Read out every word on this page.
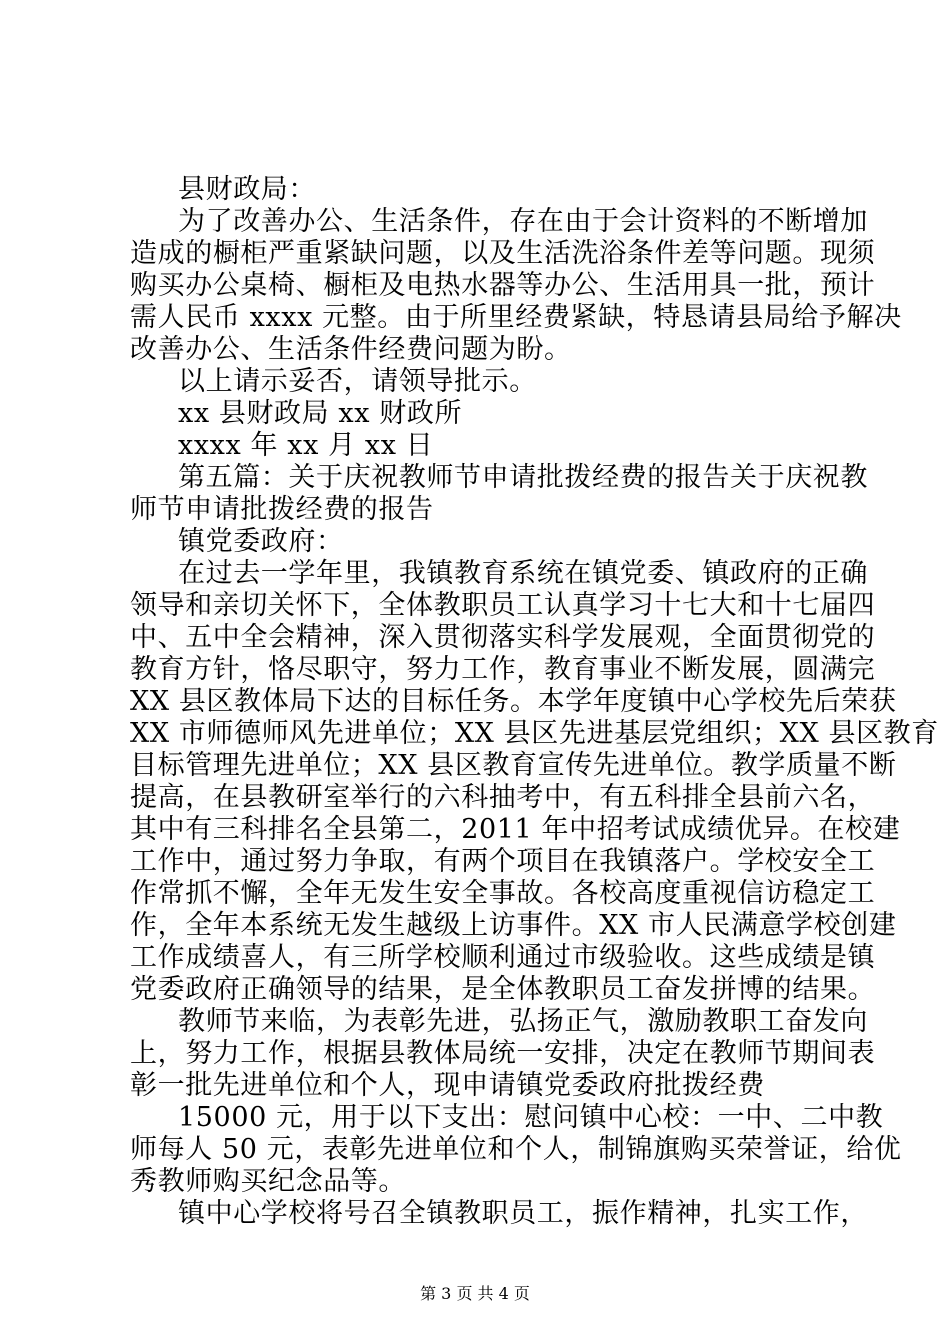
县财政局：
为了改善办公、生活条件，存在由于会计资料的不断增加
造成的橱柜严重紧缺问题，以及生活洗浴条件差等问题。现须
购买办公桌椅、橱柜及电热水器等办公、生活用具一批，预计
需人民币 xxxx 元整。由于所里经费紧缺，特恳请县局给予解决
改善办公、生活条件经费问题为盼。
以上请示妥否，请领导批示。
xx 县财政局 xx 财政所
xxxx 年 xx 月 xx 日
第五篇：关于庆祝教师节申请批拨经费的报告关于庆祝教
师节申请批拨经费的报告
镇党委政府：
在过去一学年里，我镇教育系统在镇党委、镇政府的正确
领导和亲切关怀下，全体教职员工认真学习十七大和十七届四
中、五中全会精神，深入贯彻落实科学发展观，全面贯彻党的
教育方针，恪尽职守，努力工作，教育事业不断发展，圆满完
XX 县区教体局下达的目标任务。本学年度镇中心学校先后荣获
XX 市师德师风先进单位；XX 县区先进基层党组织；XX 县区教育
目标管理先进单位；XX 县区教育宣传先进单位。教学质量不断
提高，在县教研室举行的六科抽考中，有五科排全县前六名，
其中有三科排名全县第二，2011 年中招考试成绩优异。在校建
工作中，通过努力争取，有两个项目在我镇落户。学校安全工
作常抓不懈，全年无发生安全事故。各校高度重视信访稳定工
作，全年本系统无发生越级上访事件。XX 市人民满意学校创建
工作成绩喜人，有三所学校顺利通过市级验收。这些成绩是镇
党委政府正确领导的结果，是全体教职员工奋发拼博的结果。
教师节来临，为表彰先进，弘扬正气，激励教职工奋发向
上，努力工作，根据县教体局统一安排，决定在教师节期间表
彰一批先进单位和个人，现申请镇党委政府批拨经费
15000 元，用于以下支出：慰问镇中心校：一中、二中教
师每人 50 元，表彰先进单位和个人，制锦旗购买荣誉证，给优
秀教师购买纪念品等。
镇中心学校将号召全镇教职员工，振作精神，扎实工作，
第 3 页 共 4 页
